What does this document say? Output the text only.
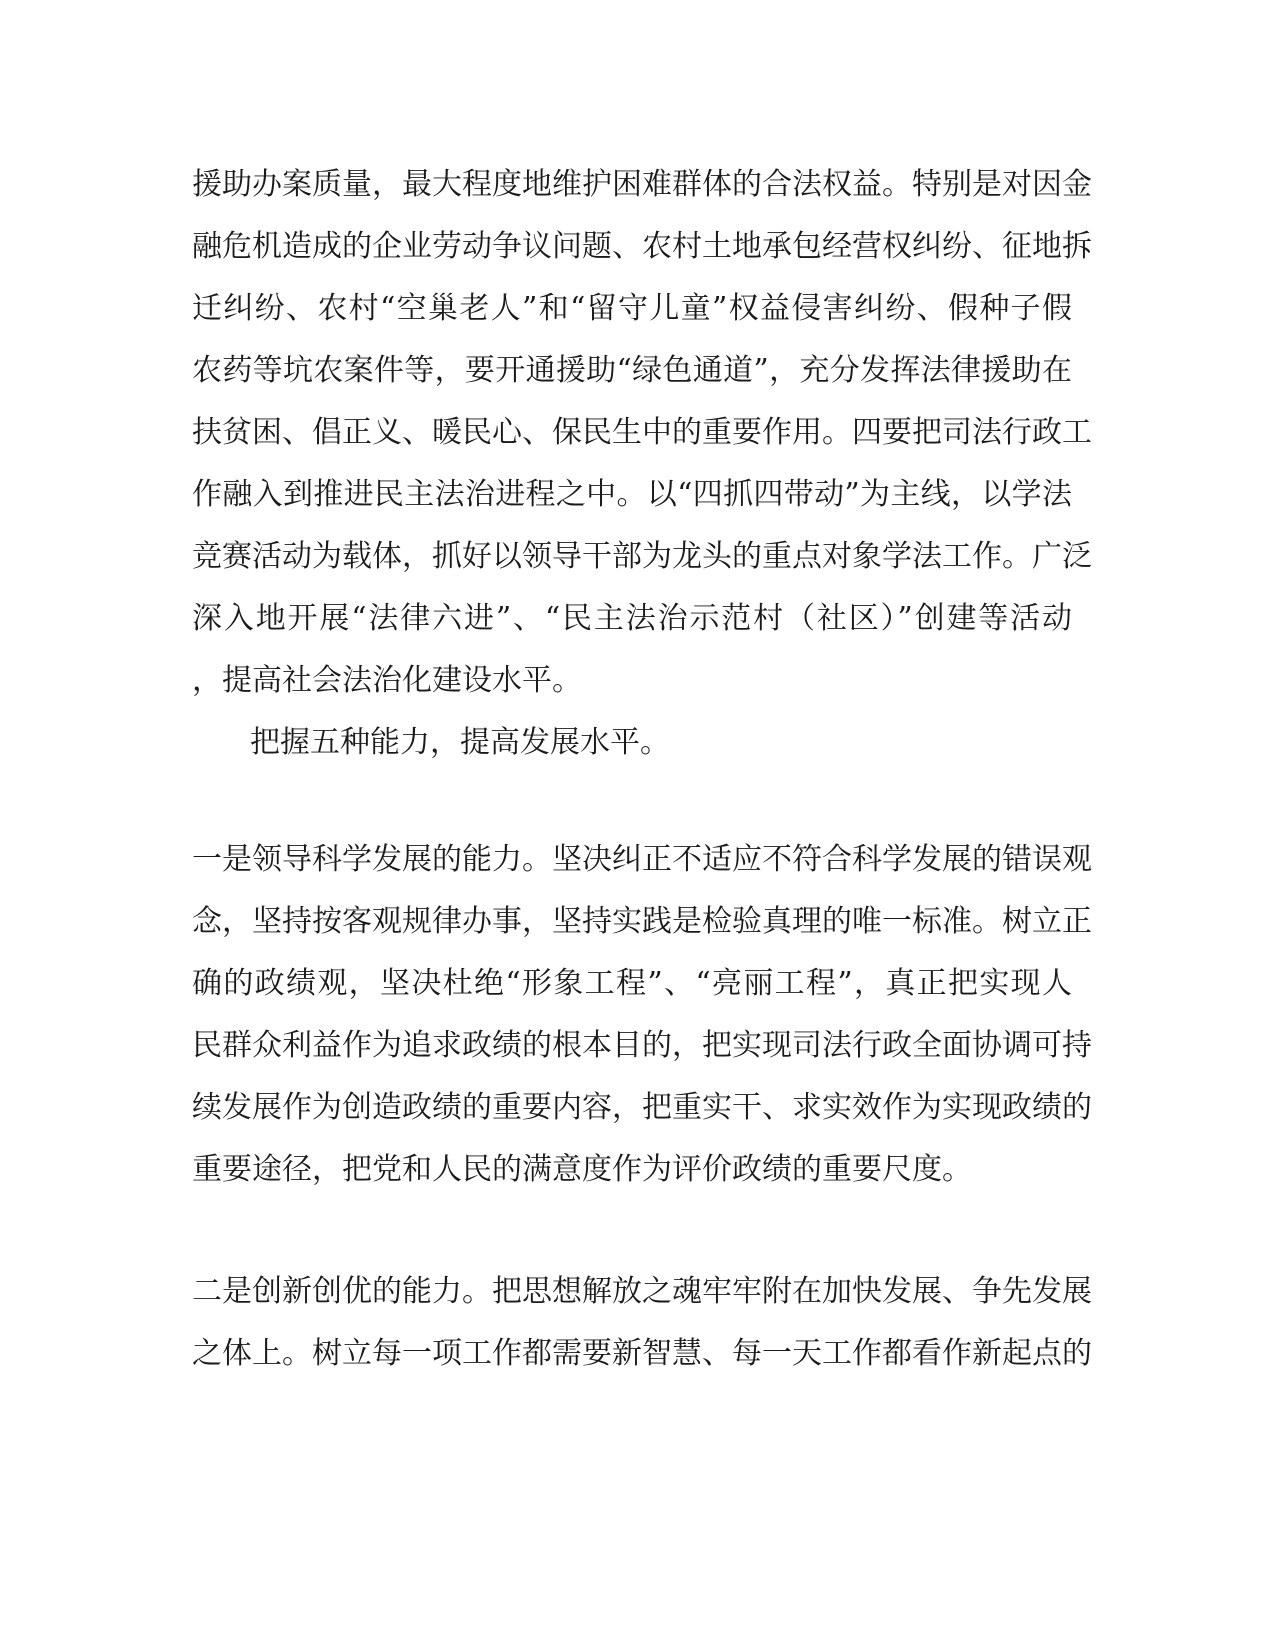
援助办案质量，最大程度地维护困难群体的合法权益。特别是对因金
融危机造成的企业劳动争议问题、农村土地承包经营权纠纷、征地拆
迁纠纷、农村“空巢老人”和“留守儿童”权益侵害纠纷、假种子假
农药等坑农案件等，要开通援助“绿色通道”，充分发挥法律援助在
扶贫困、倡正义、暖民心、保民生中的重要作用。四要把司法行政工
作融入到推进民主法治进程之中。以“四抓四带动”为主线，以学法
竞赛活动为载体，抓好以领导干部为龙头的重点对象学法工作。广泛
深入地开展“法律六进”、“民主法治示范村（社区）”创建等活动
，提高社会法治化建设水平。
把握五种能力，提高发展水平。
一是领导科学发展的能力。坚决纠正不适应不符合科学发展的错误观
念，坚持按客观规律办事，坚持实践是检验真理的唯一标准。树立正
确的政绩观，坚决杜绝“形象工程”、“亮丽工程”，真正把实现人
民群众利益作为追求政绩的根本目的，把实现司法行政全面协调可持
续发展作为创造政绩的重要内容，把重实干、求实效作为实现政绩的
重要途径，把党和人民的满意度作为评价政绩的重要尺度。
二是创新创优的能力。把思想解放之魂牢牢附在加快发展、争先发展
之体上。树立每一项工作都需要新智慧、每一天工作都看作新起点的
